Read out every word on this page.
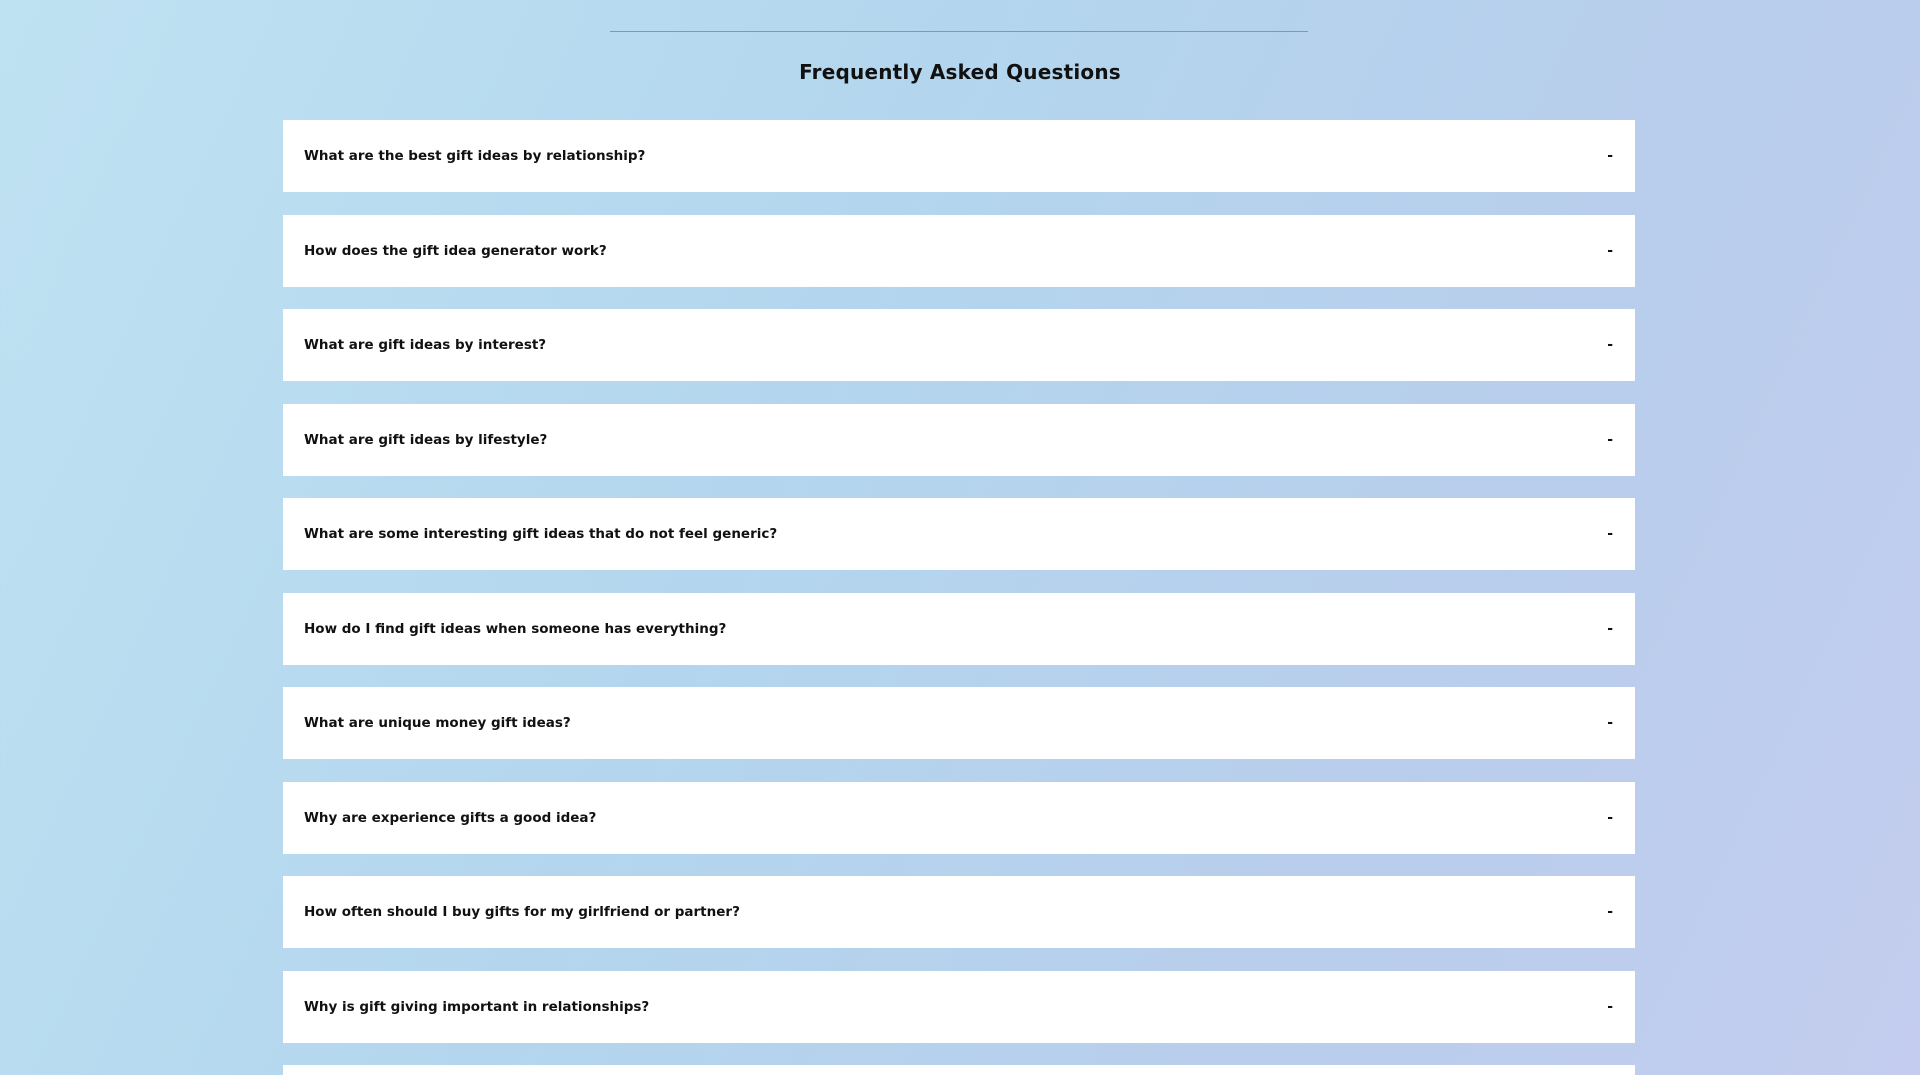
Frequently Asked Questions
What are the best gift ideas by relationship?	-
How does the gift idea generator work?	-
What are gift ideas by interest?	-
What are gift ideas by lifestyle?	-
What are some interesting gift ideas that do not feel generic?	-
How do I find gift ideas when someone has everything?	-
What are unique money gift ideas?	-
Why are experience gifts a good idea?	-
How often should I buy gifts for my girlfriend or partner?	-
Why is gift giving important in relationships?	-
